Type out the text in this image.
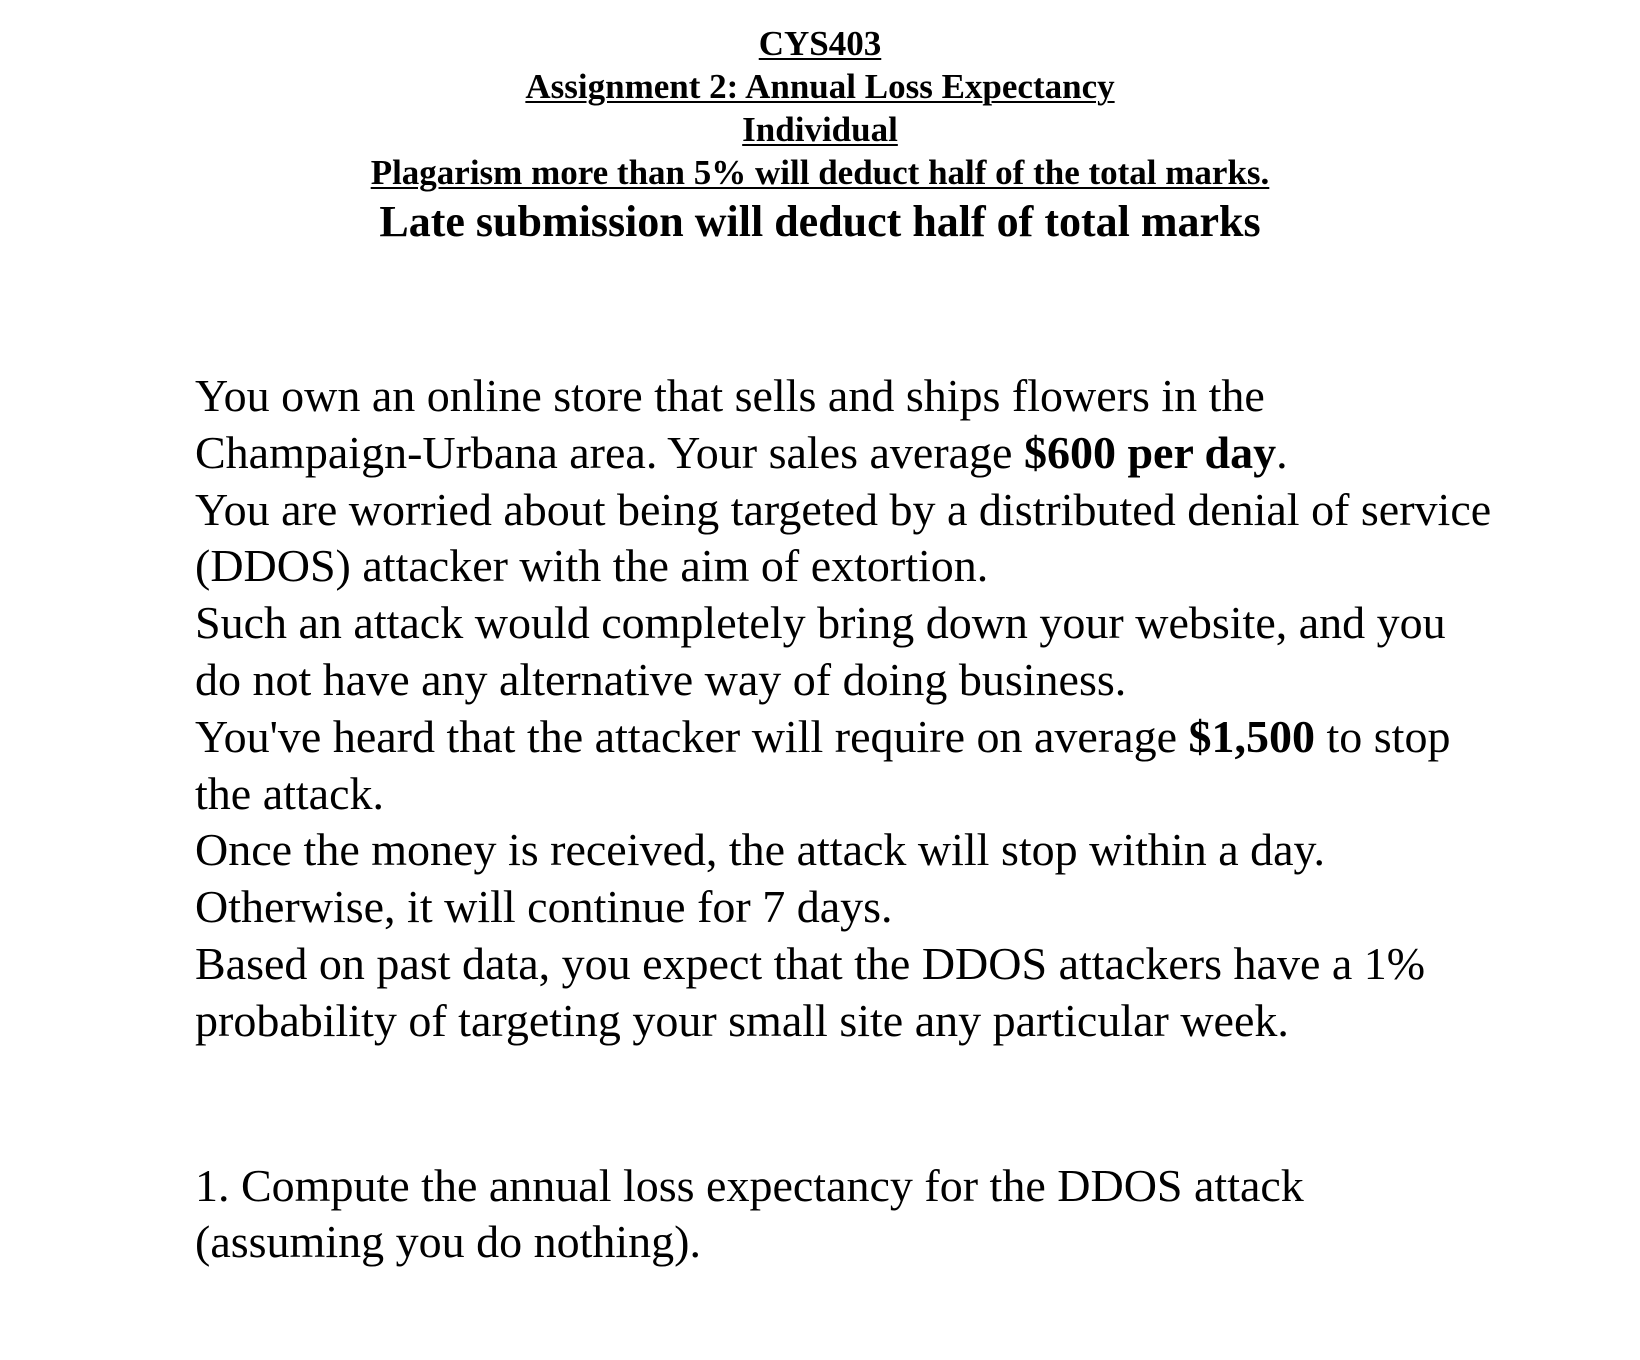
CYS403
Assignment 2: Annual Loss Expectancy
Individual
Plagarism more than 5% will deduct half of the total marks.
Late submission will deduct half of total marks

You own an online store that sells and ships flowers in the Champaign-Urbana area. Your sales average $600 per day.

You are worried about being targeted by a distributed denial of service (DDOS) attacker with the aim of extortion.

Such an attack would completely bring down your website, and you do not have any alternative way of doing business.

You've heard that the attacker will require on average $1,500 to stop the attack.

Once the money is received, the attack will stop within a day.

Otherwise, it will continue for 7 days.

Based on past data, you expect that the DDOS attackers have a 1% probability of targeting your small site any particular week.

1. Compute the annual loss expectancy for the DDOS attack (assuming you do nothing).
